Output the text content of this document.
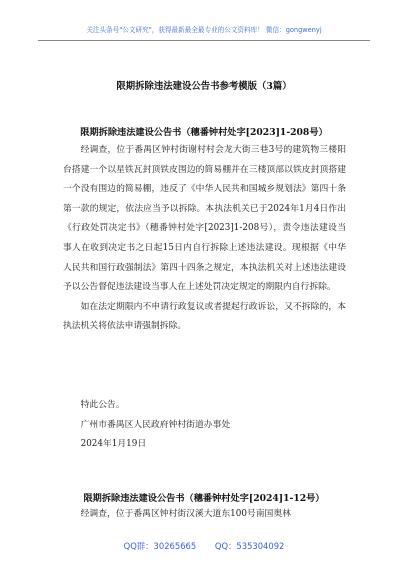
关注头条号"公文研究"，获得最新最全最专业的公文资料库！ 微信：gongwenyj
限期拆除违法建设公告书参考模版（3篇）
限期拆除违法建设公告书（穗番钟村处字[2023]1-208号）

经调查，位于番禺区钟村街谢村村会龙大街三巷3号的建筑物三楼阳台搭建一个以星铁瓦封顶铁皮围边的简易棚并在三楼顶部以铁皮封顶搭建一个没有围边的简易棚，违反了《中华人民共和国城乡规划法》第四十条第一款的规定，依法应当予以拆除。本执法机关已于2024年1月4日作出《行政处罚决定书》（穗番钟村处字[2023]1-208号），责令违法建设当事人在收到决定书之日起15日内自行拆除上述违法建设。现根据《中华人民共和国行政强制法》第四十四条之规定，本执法机关对上述违法建设予以公告督促违法建设当事人在上述处罚决定规定的期限内自行拆除。

如在法定期限内不申请行政复议或者提起行政诉讼，又不拆除的，本执法机关将依法申请强制拆除。

特此公告。
广州市番禺区人民政府钟村街道办事处
2024年1月19日
限期拆除违法建设公告书（穗番钟村处字[2024]1-12号）

经调查，位于番禺区钟村街汉溪大道东100号南国奥林

QQ群：30265665 QQ：535304092
